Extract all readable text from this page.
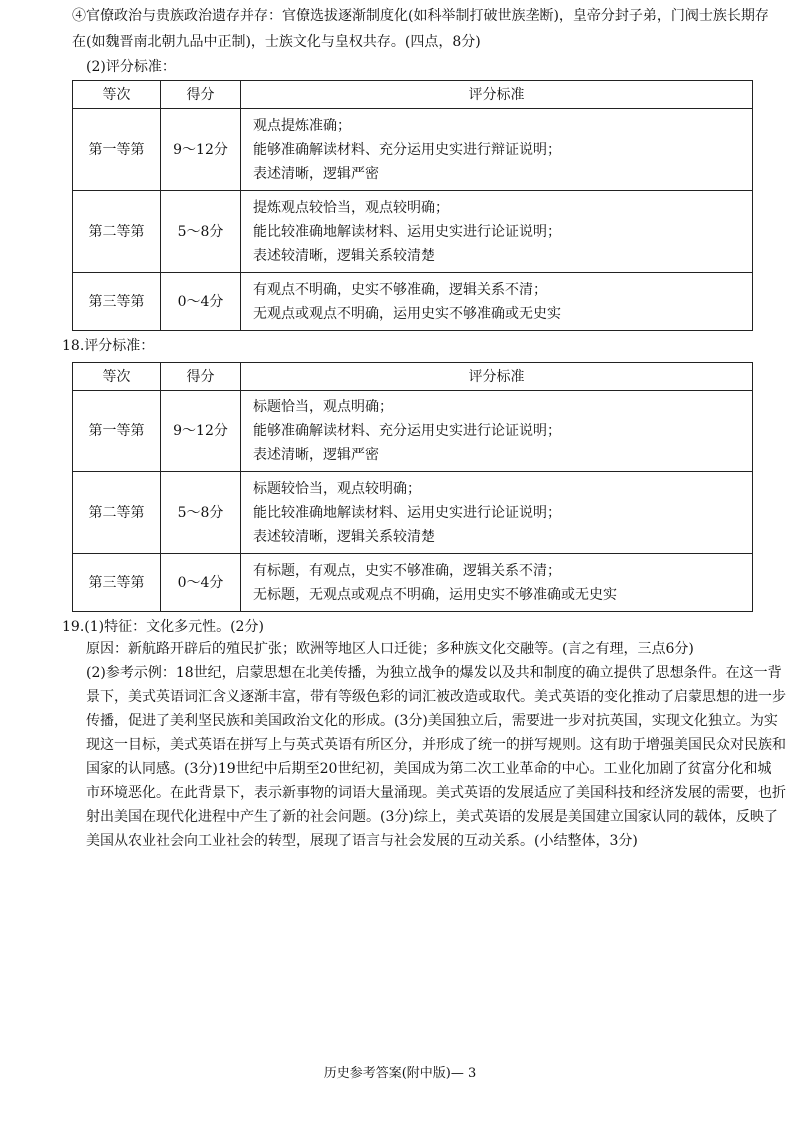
④官僚政治与贵族政治遗存并存：官僚选拔逐渐制度化(如科举制打破世族垄断)，皇帝分封子弟，门阀士族长期存
在(如魏晋南北朝九品中正制)，士族文化与皇权共存。(四点，8分)
(2)评分标准：
等次	得分	评分标准
第一等第	9～12分	观点提炼准确；
能够准确解读材料、充分运用史实进行辩证说明；
表述清晰，逻辑严密

第二等第	5～8分	提炼观点较恰当，观点较明确；
能比较准确地解读材料、运用史实进行论证说明；
表述较清晰，逻辑关系较清楚

第三等第	0～4分	有观点不明确，史实不够准确，逻辑关系不清；
无观点或观点不明确，运用史实不够准确或无史实
18.评分标准：
等次	得分	评分标准
第一等第	9～12分	标题恰当，观点明确；
能够准确解读材料、充分运用史实进行论证说明；
表述清晰，逻辑严密

第二等第	5～8分	标题较恰当，观点较明确；
能比较准确地解读材料、运用史实进行论证说明；
表述较清晰，逻辑关系较清楚

第三等第	0～4分	有标题，有观点，史实不够准确，逻辑关系不清；
无标题，无观点或观点不明确，运用史实不够准确或无史实
19.(1)特征：文化多元性。(2分)
原因：新航路开辟后的殖民扩张；欧洲等地区人口迁徙；多种族文化交融等。(言之有理，三点6分)
(2)参考示例：18世纪，启蒙思想在北美传播，为独立战争的爆发以及共和制度的确立提供了思想条件。在这一背
景下，美式英语词汇含义逐渐丰富，带有等级色彩的词汇被改造或取代。美式英语的变化推动了启蒙思想的进一步
传播，促进了美利坚民族和美国政治文化的形成。(3分)美国独立后，需要进一步对抗英国，实现文化独立。为实
现这一目标，美式英语在拼写上与英式英语有所区分，并形成了统一的拼写规则。这有助于增强美国民众对民族和
国家的认同感。(3分)19世纪中后期至20世纪初，美国成为第二次工业革命的中心。工业化加剧了贫富分化和城
市环境恶化。在此背景下，表示新事物的词语大量涌现。美式英语的发展适应了美国科技和经济发展的需要，也折
射出美国在现代化进程中产生了新的社会问题。(3分)综上，美式英语的发展是美国建立国家认同的载体，反映了
美国从农业社会向工业社会的转型，展现了语言与社会发展的互动关系。(小结整体，3分)
历史参考答案(附中版)— 3
